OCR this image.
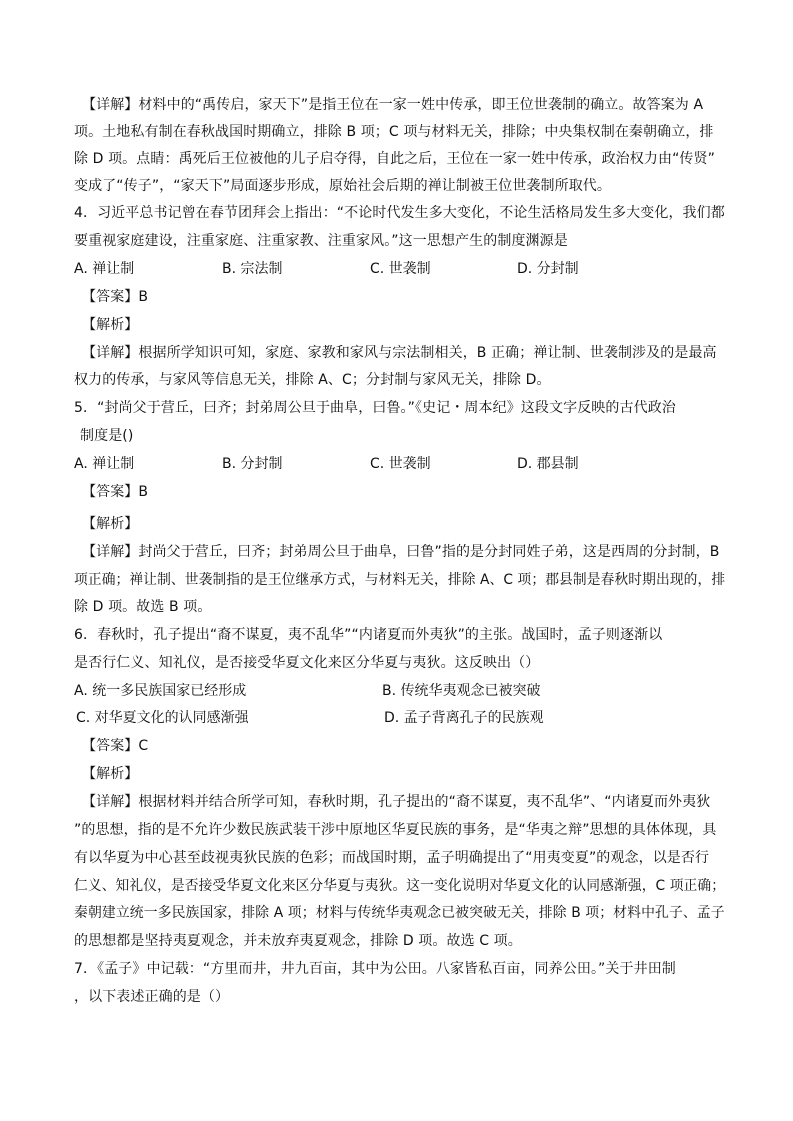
【详解】材料中的“禹传启，家天下”是指王位在一家一姓中传承，即王位世袭制的确立。故答案为 A
项。土地私有制在春秋战国时期确立，排除 B 项；C 项与材料无关，排除；中央集权制在秦朝确立，排
除 D 项。点睛：禹死后王位被他的儿子启夺得，自此之后，王位在一家一姓中传承，政治权力由“传贤”
变成了“传子”，“家天下”局面逐步形成，原始社会后期的禅让制被王位世袭制所取代。
4．习近平总书记曾在春节团拜会上指出：“不论时代发生多大变化，不论生活格局发生多大变化，我们都
要重视家庭建设，注重家庭、注重家教、注重家风。”这一思想产生的制度渊源是
A. 禅让制	B. 宗法制	C. 世袭制	D. 分封制
【答案】B
【解析】
【详解】根据所学知识可知，家庭、家教和家风与宗法制相关，B 正确；禅让制、世袭制涉及的是最高
权力的传承，与家风等信息无关，排除 A、C；分封制与家风无关，排除 D。
5．“封尚父于营丘，曰齐；封弟周公旦于曲阜，曰鲁。”《史记・周本纪》这段文字反映的古代政治
制度是()
A. 禅让制	B. 分封制	C. 世袭制	D. 郡县制
【答案】B
【解析】
【详解】封尚父于营丘，曰齐；封弟周公旦于曲阜，曰鲁”指的是分封同姓子弟，这是西周的分封制，B
项正确；禅让制、世袭制指的是王位继承方式，与材料无关，排除 A、C 项；郡县制是春秋时期出现的，排
除 D 项。故选 B 项。
6．春秋时，孔子提出“裔不谋夏，夷不乱华”“内诸夏而外夷狄”的主张。战国时，孟子则逐渐以
是否行仁义、知礼仪，是否接受华夏文化来区分华夏与夷狄。这反映出（）
A. 统一多民族国家已经形成	B. 传统华夷观念已被突破
C. 对华夏文化的认同感渐强	D. 孟子背离孔子的民族观
【答案】C
【解析】
【详解】根据材料并结合所学可知，春秋时期，孔子提出的“裔不谋夏，夷不乱华”、“内诸夏而外夷狄
”的思想，指的是不允许少数民族武装干涉中原地区华夏民族的事务，是“华夷之辩”思想的具体体现，具
有以华夏为中心甚至歧视夷狄民族的色彩；而战国时期，孟子明确提出了“用夷变夏”的观念，以是否行
仁义、知礼仪，是否接受华夏文化来区分华夏与夷狄。这一变化说明对华夏文化的认同感渐强，C 项正确；
秦朝建立统一多民族国家，排除 A 项；材料与传统华夷观念已被突破无关，排除 B 项；材料中孔子、孟子
的思想都是坚持夷夏观念，并未放弃夷夏观念，排除 D 项。故选 C 项。
7．《孟子》中记载：“方里而井，井九百亩，其中为公田。八家皆私百亩，同养公田。”关于井田制
，以下表述正确的是（）
